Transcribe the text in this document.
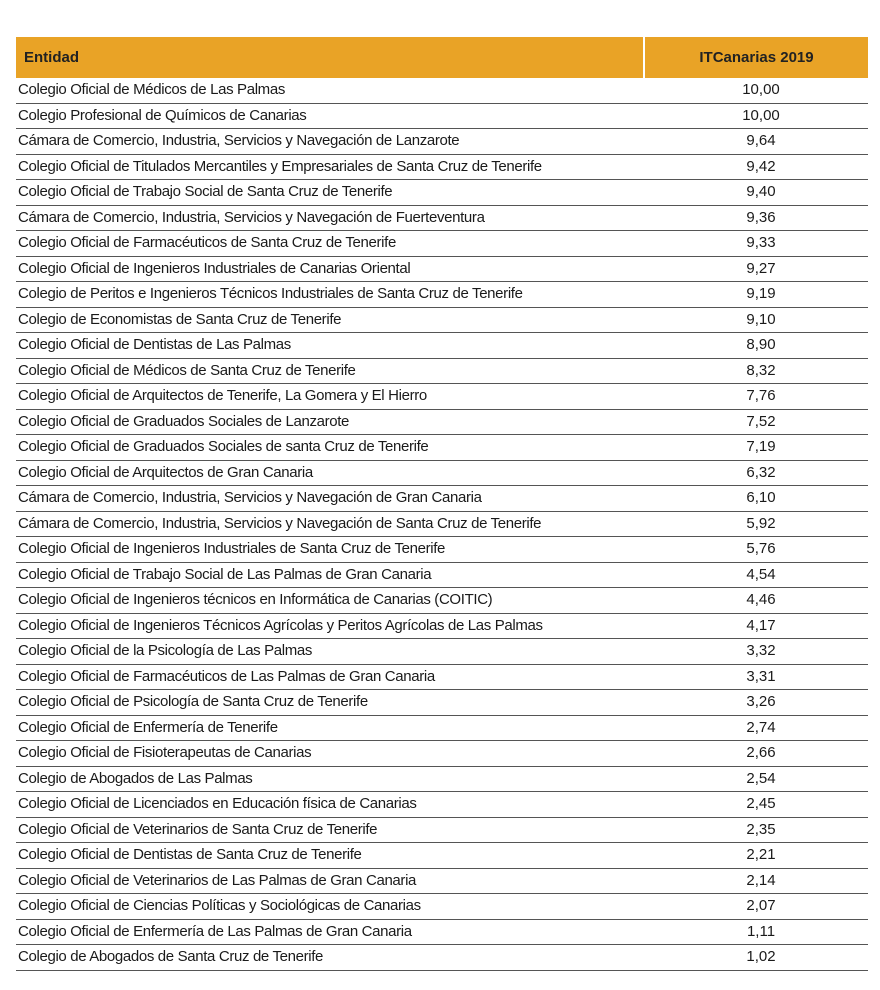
Entidad	ITCanarias 2019
Colegio Oficial de Médicos de Las Palmas	10,00
Colegio Profesional de Químicos de Canarias	10,00
Cámara de Comercio, Industria, Servicios y Navegación de Lanzarote	9,64
Colegio Oficial de Titulados Mercantiles y Empresariales de Santa Cruz de Tenerife	9,42
Colegio Oficial de Trabajo Social de Santa Cruz de Tenerife	9,40
Cámara de Comercio, Industria, Servicios y Navegación de Fuerteventura	9,36
Colegio Oficial de Farmacéuticos de Santa Cruz de Tenerife	9,33
Colegio Oficial de Ingenieros Industriales de Canarias Oriental	9,27
Colegio de Peritos e Ingenieros Técnicos Industriales de Santa Cruz de Tenerife	9,19
Colegio de Economistas de Santa Cruz de Tenerife	9,10
Colegio Oficial de Dentistas de Las Palmas	8,90
Colegio Oficial de Médicos de Santa Cruz de Tenerife	8,32
Colegio Oficial de Arquitectos de Tenerife, La Gomera y El Hierro	7,76
Colegio Oficial de Graduados Sociales de Lanzarote	7,52
Colegio Oficial de Graduados Sociales de santa Cruz de Tenerife	7,19
Colegio Oficial de Arquitectos de Gran Canaria	6,32
Cámara de Comercio, Industria, Servicios y Navegación de Gran Canaria	6,10
Cámara de Comercio, Industria, Servicios y Navegación de Santa Cruz de Tenerife	5,92
Colegio Oficial de Ingenieros Industriales de Santa Cruz de Tenerife	5,76
Colegio Oficial de Trabajo Social de Las Palmas de Gran Canaria	4,54
Colegio Oficial de Ingenieros técnicos en Informática de Canarias (COITIC)	4,46
Colegio Oficial de Ingenieros Técnicos Agrícolas y Peritos Agrícolas de Las Palmas	4,17
Colegio Oficial de la Psicología de Las Palmas	3,32
Colegio Oficial de Farmacéuticos de Las Palmas de Gran Canaria	3,31
Colegio Oficial de Psicología de Santa Cruz de Tenerife	3,26
Colegio Oficial de Enfermería de Tenerife	2,74
Colegio Oficial de Fisioterapeutas de Canarias	2,66
Colegio de Abogados de Las Palmas	2,54
Colegio Oficial de Licenciados en Educación física de Canarias	2,45
Colegio Oficial de Veterinarios de Santa Cruz de Tenerife	2,35
Colegio Oficial de Dentistas de Santa Cruz de Tenerife	2,21
Colegio Oficial de Veterinarios de Las Palmas de Gran Canaria	2,14
Colegio Oficial de Ciencias Políticas y Sociológicas de Canarias	2,07
Colegio Oficial de Enfermería de Las Palmas de Gran Canaria	1,11
Colegio de Abogados de Santa Cruz de Tenerife	1,02
